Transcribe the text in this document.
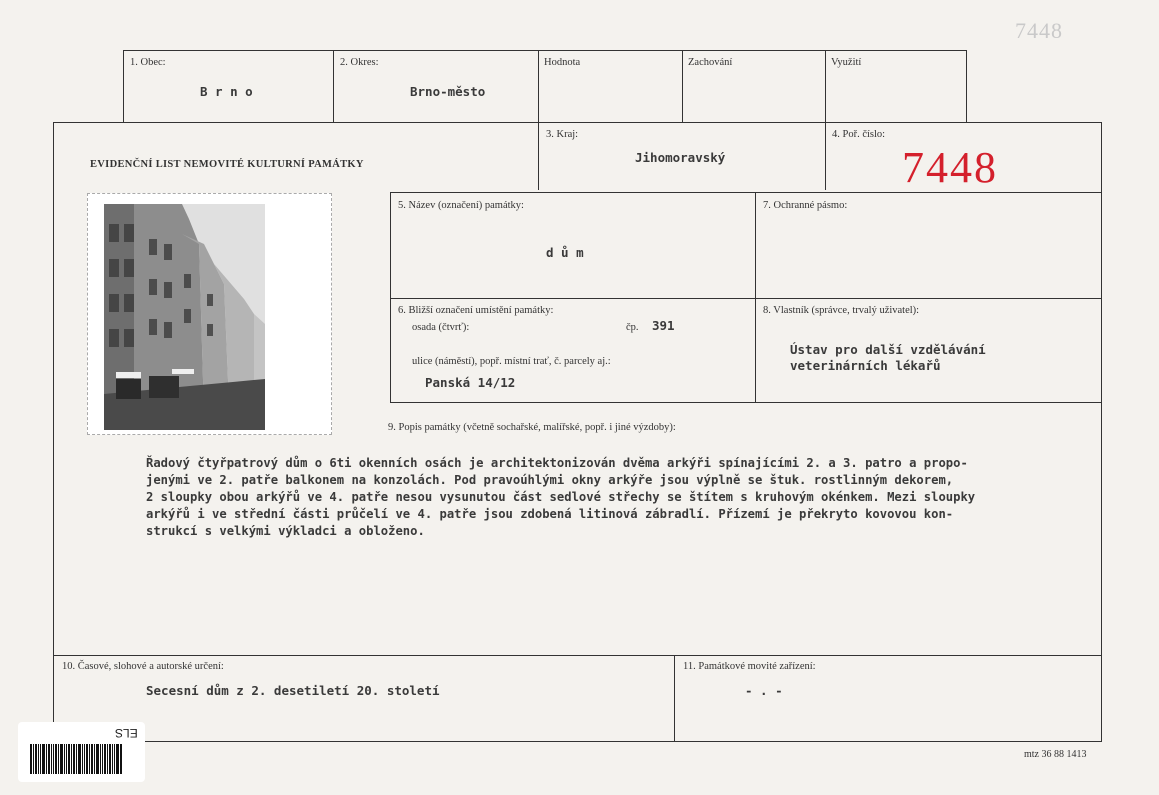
7448
1. Obec:
B r n o
2. Okres:
Brno-město
Hodnota	Zachování	Využití
EVIDENČNÍ LIST NEMOVITÉ KULTURNÍ PAMÁTKY
3. Kraj:
Jihomoravský
4. Poř. číslo:
7448
5. Název (označení) památky:
d ů m
7. Ochranné pásmo:
6. Bližší označení umístění památky:
osada (čtvrť):	čp. 391
ulice (náměstí), popř. místní trať, č. parcely aj.:
Panská 14/12
8. Vlastník (správce, trvalý uživatel):
Ústav pro další vzdělávání
veterinárních lékařů
9. Popis památky (včetně sochařské, malířské, popř. i jiné výzdoby):
Řadový čtyřpatrový dům o 6ti okenních osách je architektonizován dvěma arkýři spínajícími 2. a 3. patro a propo-
jenými ve 2. patře balkonem na konzolách. Pod pravoúhlými okny arkýře jsou výplně se štuk. rostlinným dekorem,
2 sloupky obou arkýřů ve 4. patře nesou vysunutou část sedlové střechy se štítem s kruhovým okénkem. Mezi sloupky
arkýřů i ve střední části průčelí ve 4. patře jsou zdobená litinová zábradlí. Přízemí je překryto kovovou kon-
strukcí s velkými výkladci a obloženo.
10. Časové, slohové a autorské určení:
Secesní dům z 2. desetiletí 20. století
11. Památkové movité zařízení:
- . -
mtz 36 88 1413
ELS
